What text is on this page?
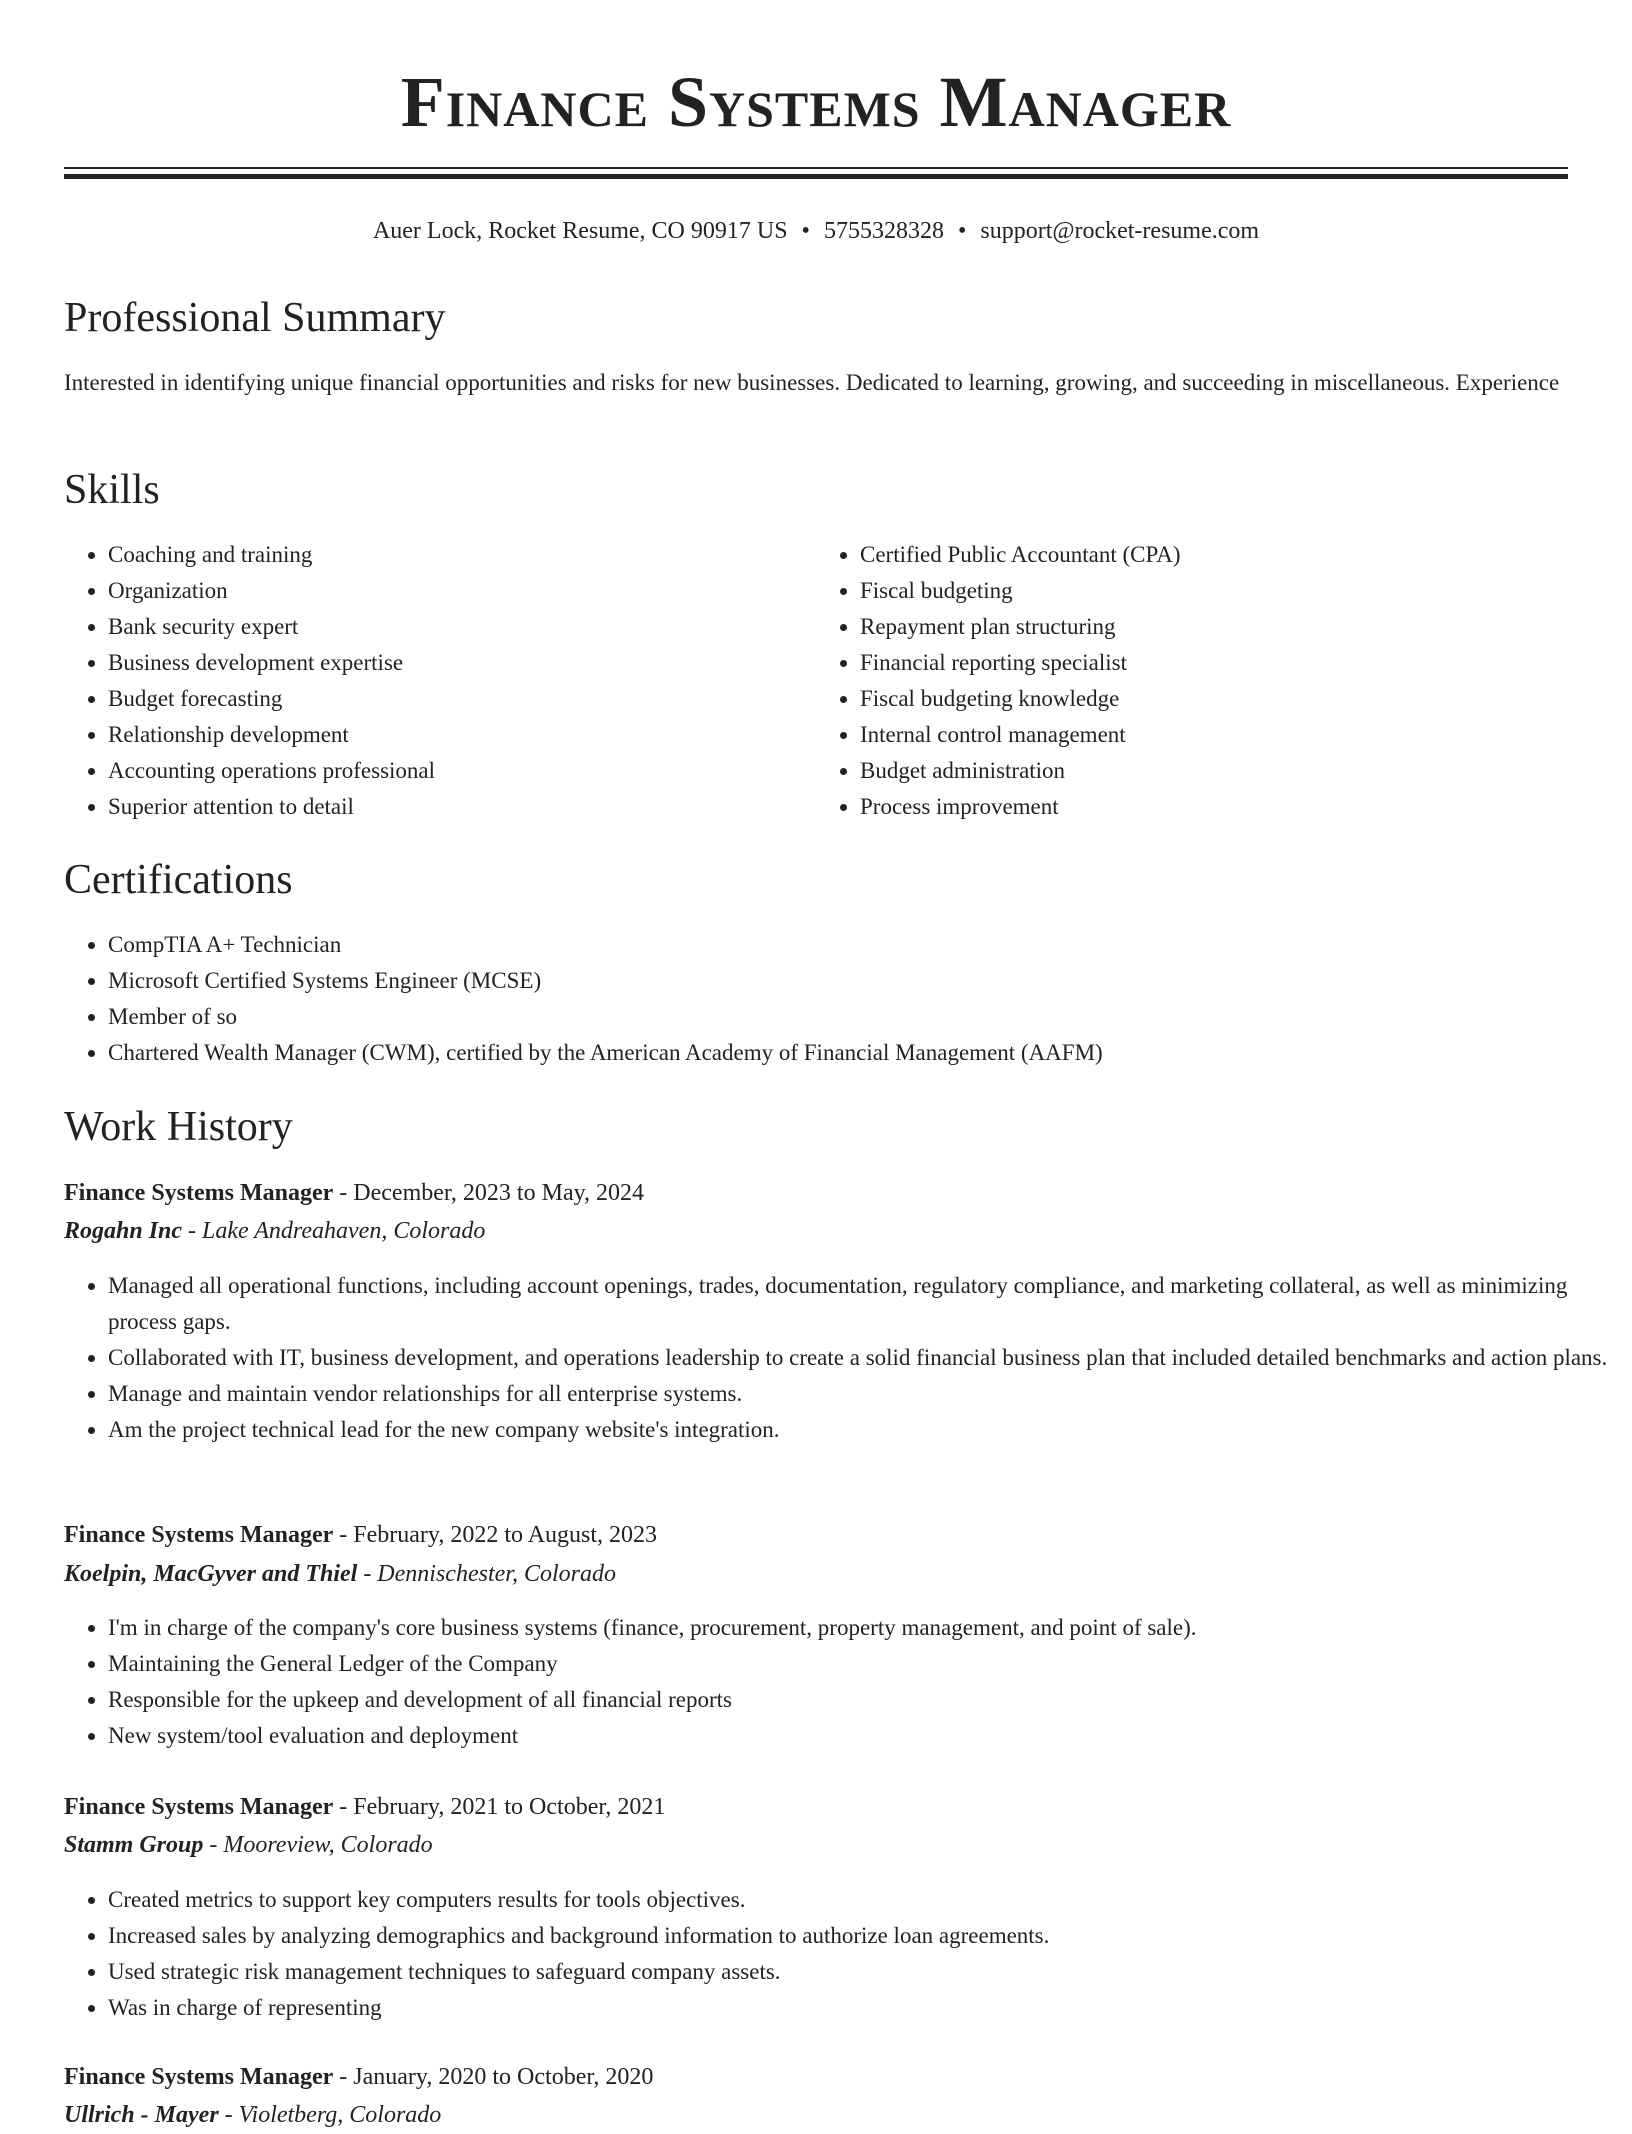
Finance Systems Manager
Auer Lock, Rocket Resume, CO 90917 US • 5755328328 • support@rocket-resume.com
Professional Summary

Interested in identifying unique financial opportunities and risks for new businesses. Dedicated to learning, growing, and succeeding in miscellaneous. Experience

Skills
• Coaching and training
• Organization
• Bank security expert
• Business development expertise
• Budget forecasting
• Relationship development
• Accounting operations professional
• Superior attention to detail
• Certified Public Accountant (CPA)
• Fiscal budgeting
• Repayment plan structuring
• Financial reporting specialist
• Fiscal budgeting knowledge
• Internal control management
• Budget administration
• Process improvement
Certifications
• CompTIA A+ Technician
• Microsoft Certified Systems Engineer (MCSE)
• Member of so
• Chartered Wealth Manager (CWM), certified by the American Academy of Financial Management (AAFM)
Work History
Finance Systems Manager - December, 2023 to May, 2024
Rogahn Inc - Lake Andreahaven, Colorado
• Managed all operational functions, including account openings, trades, documentation, regulatory compliance, and marketing collateral, as well as minimizing process gaps.
• Collaborated with IT, business development, and operations leadership to create a solid financial business plan that included detailed benchmarks and action plans.
• Manage and maintain vendor relationships for all enterprise systems.
• Am the project technical lead for the new company website's integration.
Finance Systems Manager - February, 2022 to August, 2023
Koelpin, MacGyver and Thiel - Dennischester, Colorado
• I'm in charge of the company's core business systems (finance, procurement, property management, and point of sale).
• Maintaining the General Ledger of the Company
• Responsible for the upkeep and development of all financial reports
• New system/tool evaluation and deployment
Finance Systems Manager - February, 2021 to October, 2021
Stamm Group - Mooreview, Colorado
• Created metrics to support key computers results for tools objectives.
• Increased sales by analyzing demographics and background information to authorize loan agreements.
• Used strategic risk management techniques to safeguard company assets.
• Was in charge of representing
Finance Systems Manager - January, 2020 to October, 2020
Ullrich - Mayer - Violetberg, Colorado
